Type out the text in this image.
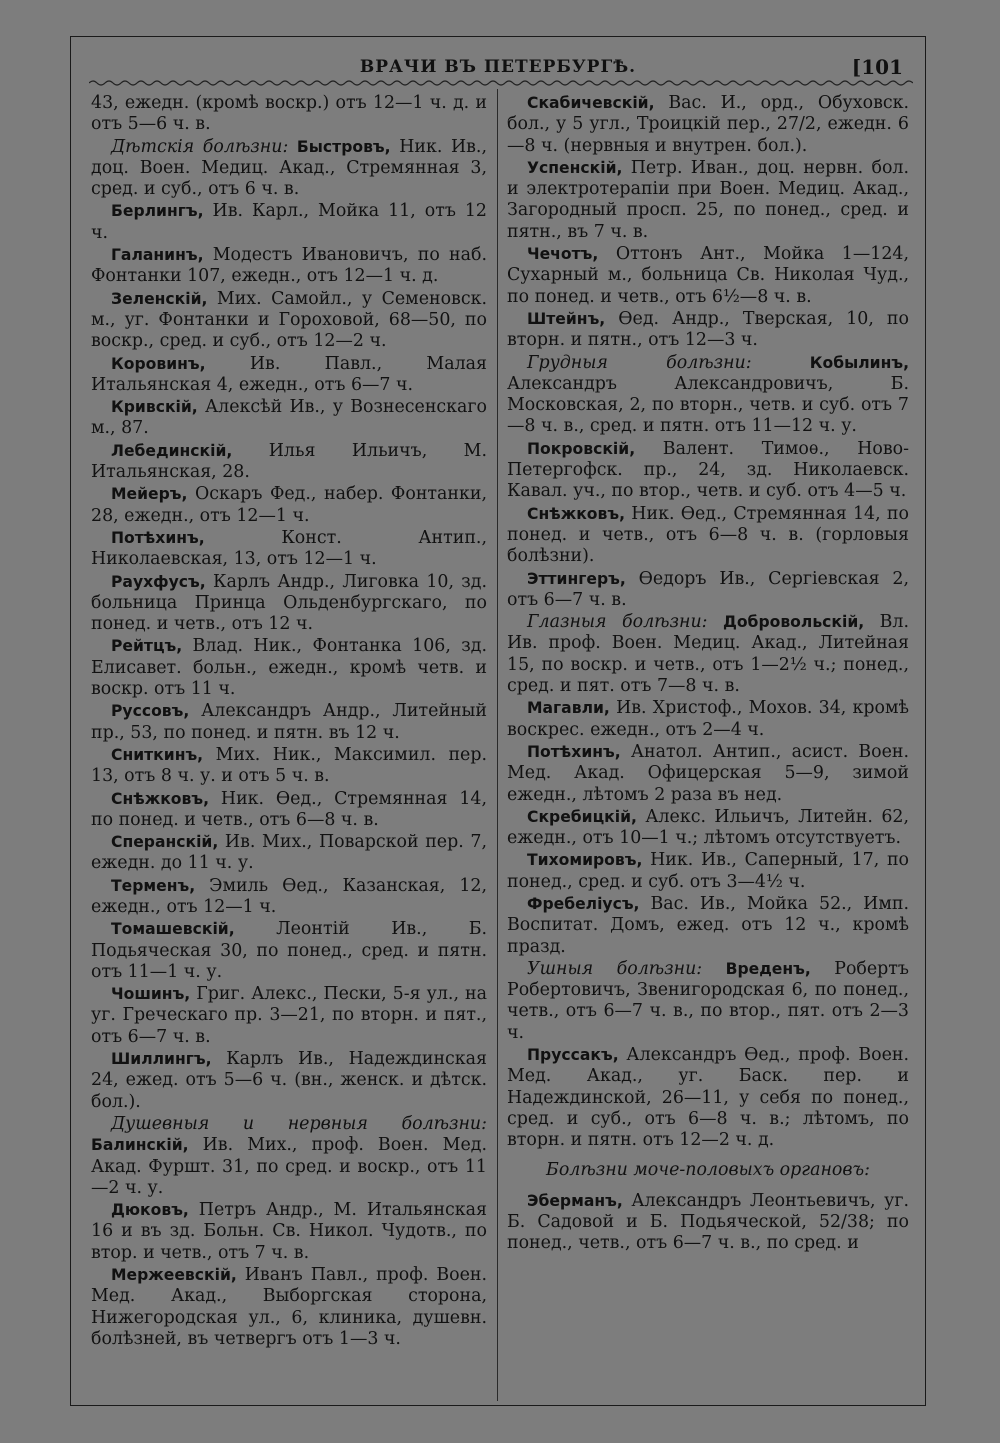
ВРАЧИ ВЪ ПЕТЕРБУРГѢ.	[101
43, ежедн. (кромѣ воскр.) отъ 12—1 ч. д. и отъ 5—6 ч. в.
Дѣтскія болѣзни: Быстровъ, Ник. Ив., доц. Воен. Медиц. Акад., Стремянная 3, сред. и суб., отъ 6 ч. в.
Берлингъ, Ив. Карл., Мойка 11, отъ 12 ч.
Галанинъ, Модестъ Ивановичъ, по наб. Фонтанки 107, ежедн., отъ 12—1 ч. д.
Зеленскій, Мих. Самойл., у Семеновск. м., уг. Фонтанки и Гороховой, 68—50, по воскр., сред. и суб., отъ 12—2 ч.
Коровинъ, Ив. Павл., Малая Итальянская 4, ежедн., отъ 6—7 ч.
Кривскій, Алексѣй Ив., у Вознесенскаго м., 87.
Лебединскій, Илья Ильичъ, М. Итальянская, 28.
Мейеръ, Оскаръ Фед., набер. Фонтанки, 28, ежедн., отъ 12—1 ч.
Потѣхинъ, Конст. Антип., Николаевская, 13, отъ 12—1 ч.
Раухфусъ, Карлъ Андр., Лиговка 10, зд. больница Принца Ольденбургскаго, по понед. и четв., отъ 12 ч.
Рейтцъ, Влад. Ник., Фонтанка 106, зд. Елисавет. больн., ежедн., кромѣ четв. и воскр. отъ 11 ч.
Руссовъ, Александръ Андр., Литейный пр., 53, по понед. и пятн. въ 12 ч.
Сниткинъ, Мих. Ник., Максимил. пер. 13, отъ 8 ч. у. и отъ 5 ч. в.
Снѣжковъ, Ник. Ѳед., Стремянная 14, по понед. и четв., отъ 6—8 ч. в.
Сперанскій, Ив. Мих., Поварской пер. 7, ежедн. до 11 ч. у.
Терменъ, Эмиль Ѳед., Казанская, 12, ежедн., отъ 12—1 ч.
Томашевскій, Леонтій Ив., Б. Подьяческая 30, по понед., сред. и пятн. отъ 11—1 ч. у.
Чошинъ, Григ. Алекс., Пески, 5-я ул., на уг. Греческаго пр. 3—21, по вторн. и пят., отъ 6—7 ч. в.
Шиллингъ, Карлъ Ив., Надеждинская 24, ежед. отъ 5—6 ч. (вн., женск. и дѣтск. бол.).
Душевныя и нервныя болѣзни: Балинскій, Ив. Мих., проф. Воен. Мед. Акад. Фуршт. 31, по сред. и воскр., отъ 11—2 ч. у.
Дюковъ, Петръ Андр., М. Итальянская 16 и въ зд. Больн. Св. Никол. Чудотв., по втор. и четв., отъ 7 ч. в.
Мержеевскій, Иванъ Павл., проф. Воен. Мед. Акад., Выборгская сторона, Нижегородская ул., 6, клиника, душевн. болѣзней, въ четвергъ отъ 1—3 ч.
Скабичевскій, Вас. И., орд., Обуховск. бол., у 5 угл., Троицкій пер., 27/2, ежедн. 6—8 ч. (нервныя и внутрен. бол.).
Успенскій, Петр. Иван., доц. нервн. бол. и электротерапіи при Воен. Медиц. Акад., Загородный просп. 25, по понед., сред. и пятн., въ 7 ч. в.
Чечотъ, Оттонъ Ант., Мойка 1—124, Сухарный м., больница Св. Николая Чуд., по понед. и четв., отъ 6½—8 ч. в.
Штейнъ, Ѳед. Андр., Тверская, 10, по вторн. и пятн., отъ 12—3 ч.
Грудныя болѣзни: Кобылинъ, Александръ Александровичъ, Б. Московская, 2, по вторн., четв. и суб. отъ 7—8 ч. в., сред. и пятн. отъ 11—12 ч. у.
Покровскій, Валент. Тимоѳ., Ново-Петергофск. пр., 24, зд. Николаевск. Кавал. уч., по втор., четв. и суб. отъ 4—5 ч.
Снѣжковъ, Ник. Ѳед., Стремянная 14, по понед. и четв., отъ 6—8 ч. в. (горловыя болѣзни).
Эттингеръ, Ѳедоръ Ив., Сергіевская 2, отъ 6—7 ч. в.
Глазныя болѣзни: Добровольскій, Вл. Ив. проф. Воен. Медиц. Акад., Литейная 15, по воскр. и четв., отъ 1—2½ ч.; понед., сред. и пят. отъ 7—8 ч. в.
Магавли, Ив. Христоф., Мохов. 34, кромѣ воскрес. ежедн., отъ 2—4 ч.
Потѣхинъ, Анатол. Антип., асист. Воен. Мед. Акад. Офицерская 5—9, зимой ежедн., лѣтомъ 2 раза въ нед.
Скребицкій, Алекс. Ильичъ, Литейн. 62, ежедн., отъ 10—1 ч.; лѣтомъ отсутствуетъ.
Тихомировъ, Ник. Ив., Саперный, 17, по понед., сред. и суб. отъ 3—4½ ч.
Фребеліусъ, Вас. Ив., Мойка 52., Имп. Воспитат. Домъ, ежед. отъ 12 ч., кромѣ празд.
Ушныя болѣзни: Вреденъ, Робертъ Робертовичъ, Звенигородская 6, по понед., четв., отъ 6—7 ч. в., по втор., пят. отъ 2—3 ч.
Пруссакъ, Александръ Ѳед., проф. Воен. Мед. Акад., уг. Баск. пер. и Надеждинской, 26—11, у себя по понед., сред. и суб., отъ 6—8 ч. в.; лѣтомъ, по вторн. и пятн. отъ 12—2 ч. д.
Болѣзни моче-половыхъ органовъ:
Эберманъ, Александръ Леонтьевичъ, уг. Б. Садовой и Б. Подьяческой, 52/38; по понед., четв., отъ 6—7 ч. в., по сред. и
